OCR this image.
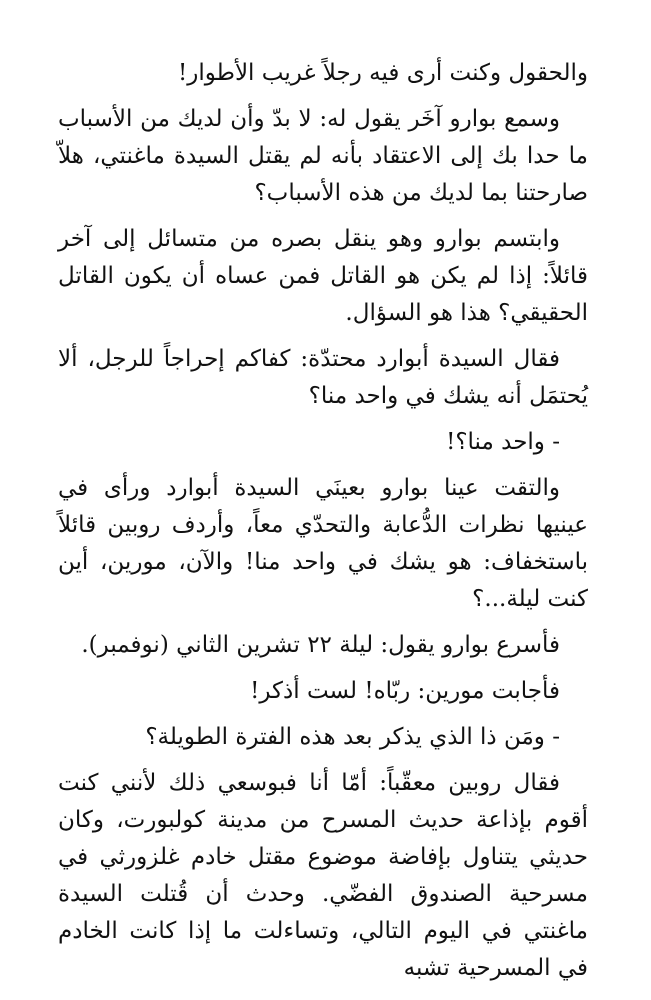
والحقول وكنت أرى فيه رجلاً غريب الأطوار!

وسمع بوارو آخَر يقول له: لا بدّ وأن لديك من الأسباب ما حدا بك إلى الاعتقاد بأنه لم يقتل السيدة ماغنتي، هلاّ صارحتنا بما لديك من هذه الأسباب؟

وابتسم بوارو وهو ينقل بصره من متسائل إلى آخر قائلاً: إذا لم يكن هو القاتل فمن عساه أن يكون القاتل الحقيقي؟ هذا هو السؤال.

فقال السيدة أبوارد محتدّة: كفاكم إحراجاً للرجل، ألا يُحتمَل أنه يشك في واحد منا؟

- واحد منا؟!

والتقت عينا بوارو بعينَي السيدة أبوارد ورأى في عينيها نظرات الدُّعابة والتحدّي معاً، وأردف روبين قائلاً باستخفاف: هو يشك في واحد منا! والآن، مورين، أين كنت ليلة...؟

فأسرع بوارو يقول: ليلة ٢٢ تشرين الثاني (نوفمبر).

فأجابت مورين: ربّاه! لست أذكر!

- ومَن ذا الذي يذكر بعد هذه الفترة الطويلة؟

فقال روبين معقّباً: أمّا أنا فبوسعي ذلك لأنني كنت أقوم بإذاعة حديث المسرح من مدينة كولبورت، وكان حديثي يتناول بإفاضة موضوع مقتل خادم غلزورثي في مسرحية الصندوق الفضّي. وحدث أن قُتلت السيدة ماغنتي في اليوم التالي، وتساءلت ما إذا كانت الخادم في المسرحية تشبه
